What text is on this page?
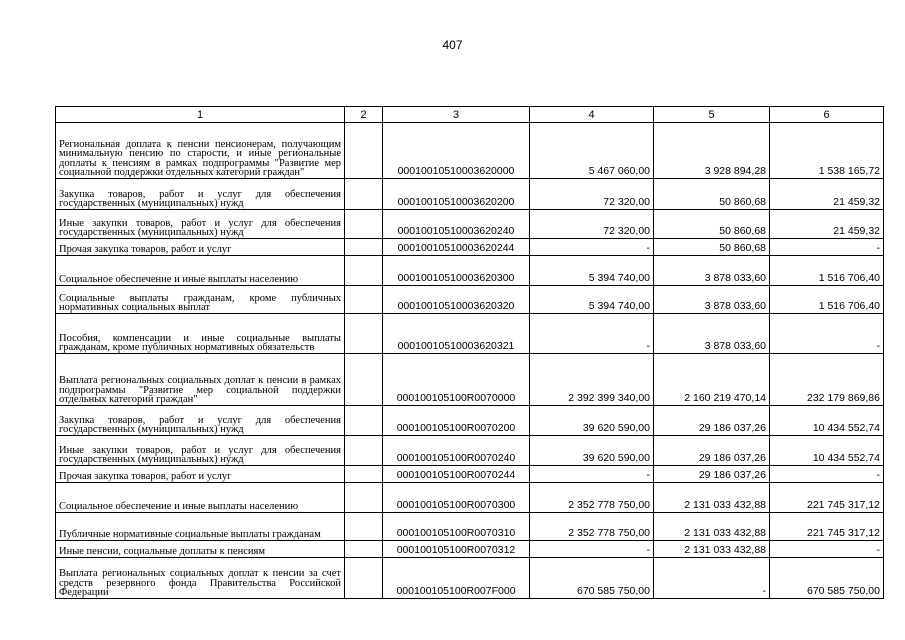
407
1	2	3	4	5	6
Региональная доплата к пенсии пенсионерам, получающим минимальную пенсию по старости, и иные региональные доплаты к пенсиям в рамках подпрограммы "Развитие мер социальной поддержки отдельных категорий граждан"		00010010510003620000	5 467 060,00	3 928 894,28	1 538 165,72
Закупка товаров, работ и услуг для обеспечения государственных (муниципальных) нужд		00010010510003620200	72 320,00	50 860,68	21 459,32
Иные закупки товаров, работ и услуг для обеспечения государственных (муниципальных) нужд		00010010510003620240	72 320,00	50 860,68	21 459,32
Прочая закупка товаров, работ и услуг		00010010510003620244	-	50 860,68	-
Социальное обеспечение и иные выплаты населению		00010010510003620300	5 394 740,00	3 878 033,60	1 516 706,40
Социальные выплаты гражданам, кроме публичных нормативных социальных выплат		00010010510003620320	5 394 740,00	3 878 033,60	1 516 706,40
Пособия, компенсации и иные социальные выплаты гражданам, кроме публичных нормативных обязательств		00010010510003620321	-	3 878 033,60	-
Выплата региональных социальных доплат к пенсии в рамках подпрограммы "Развитие мер социальной поддержки отдельных категорий граждан"		000100105100R0070000	2 392 399 340,00	2 160 219 470,14	232 179 869,86
Закупка товаров, работ и услуг для обеспечения государственных (муниципальных) нужд		000100105100R0070200	39 620 590,00	29 186 037,26	10 434 552,74
Иные закупки товаров, работ и услуг для обеспечения государственных (муниципальных) нужд		000100105100R0070240	39 620 590,00	29 186 037,26	10 434 552,74
Прочая закупка товаров, работ и услуг		000100105100R0070244	-	29 186 037,26	-
Социальное обеспечение и иные выплаты населению		000100105100R0070300	2 352 778 750,00	2 131 033 432,88	221 745 317,12
Публичные нормативные социальные выплаты гражданам		000100105100R0070310	2 352 778 750,00	2 131 033 432,88	221 745 317,12
Иные пенсии, социальные доплаты к пенсиям		000100105100R0070312	-	2 131 033 432,88	-
Выплата региональных социальных доплат к пенсии за счет средств резервного фонда Правительства Российской Федерации		000100105100R007F000	670 585 750,00	-	670 585 750,00
